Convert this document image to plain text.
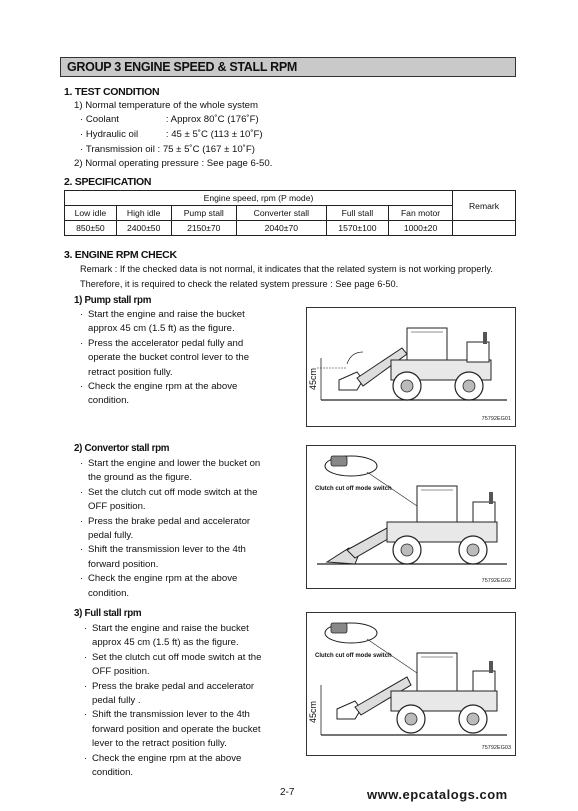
GROUP 3 ENGINE SPEED & STALL RPM
1. TEST CONDITION
1) Normal temperature of the whole system
· Coolant	: Approx 80˚C (176˚F)
· Hydraulic oil	: 45 ± 5˚C (113 ± 10˚F)
· Transmission oil : 75 ± 5˚C (167 ± 10˚F)
2) Normal operating pressure : See page 6-50.
2. SPECIFICATION
Engine speed, rpm (P mode)						Remark
Low idle	High idle	Pump stall	Converter stall	Full stall	Fan motor	
850±50	2400±50	2150±70	2040±70	1570±100	1000±20	
3. ENGINE RPM CHECK
Remark : If the checked data is not normal, it indicates that the related system is not working properly.
Therefore, it is required to check the related system pressure : See page 6-50.
1) Pump stall rpm
· Start the engine and raise the bucket
approx 45 cm (1.5 ft) as the figure.
· Press the accelerator pedal fully and
operate the bucket control lever to the
retract position fully.
· Check the engine rpm at the above
condition.
45cm
75792EG01
2) Convertor stall rpm
· Start the engine and lower the bucket on
the ground as the figure.
· Set the clutch cut off mode switch at the
OFF position.
· Press the brake pedal and accelerator
pedal fully.
· Shift the transmission lever to the 4th
forward position.
· Check the engine rpm at the above
condition.
Clutch cut off mode switch
75792EG02
3) Full stall rpm
· Start the engine and raise the bucket
approx 45 cm (1.5 ft) as the figure.
· Set the clutch cut off mode switch at the
OFF position.
· Press the brake pedal and accelerator
pedal fully .
· Shift the transmission lever to the 4th
forward position and operate the bucket
lever to the retract position fully.
· Check the engine rpm at the above
condition.
Clutch cut off mode switch
45cm
75792EG03
2-7	www.epcatalogs.com
